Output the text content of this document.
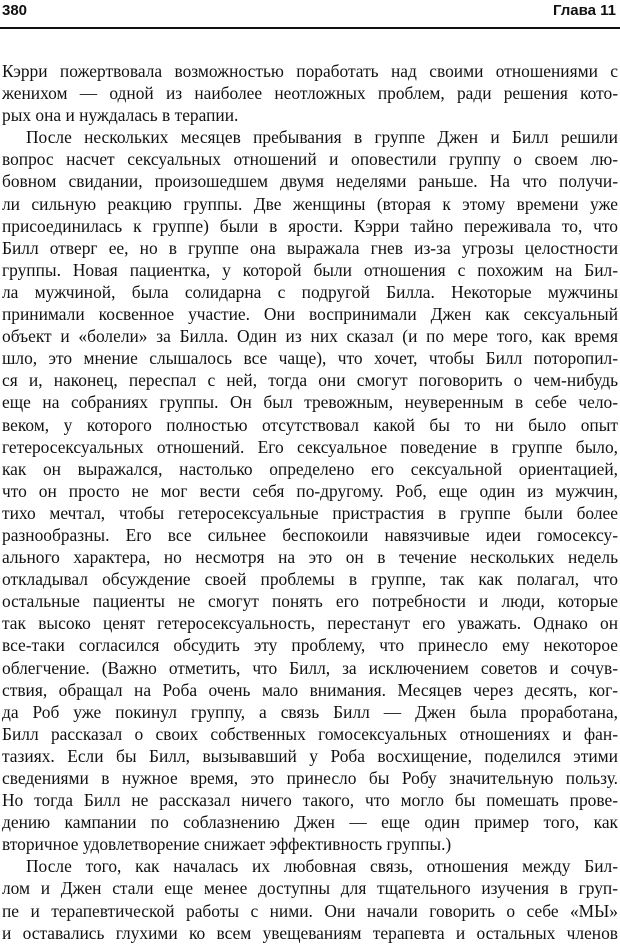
380	Глава 11
Кэрри пожертвовала возможностью поработать над своими отношениями с
женихом — одной из наиболее неотложных проблем, ради решения кото-
рых она и нуждалась в терапии.
После нескольких месяцев пребывания в группе Джен и Билл решили
вопрос насчет сексуальных отношений и оповестили группу о своем лю-
бовном свидании, произошедшем двумя неделями раньше. На что получи-
ли сильную реакцию группы. Две женщины (вторая к этому времени уже
присоединилась к группе) были в ярости. Кэрри тайно переживала то, что
Билл отверг ее, но в группе она выражала гнев из-за угрозы целостности
группы. Новая пациентка, у которой были отношения с похожим на Бил-
ла мужчиной, была солидарна с подругой Билла. Некоторые мужчины
принимали косвенное участие. Они воспринимали Джен как сексуальный
объект и «болели» за Билла. Один из них сказал (и по мере того, как время
шло, это мнение слышалось все чаще), что хочет, чтобы Билл поторопил-
ся и, наконец, переспал с ней, тогда они смогут поговорить о чем-нибудь
еще на собраниях группы. Он был тревожным, неуверенным в себе чело-
веком, у которого полностью отсутствовал какой бы то ни было опыт
гетеросексуальных отношений. Его сексуальное поведение в группе было,
как он выражался, настолько определено его сексуальной ориентацией,
что он просто не мог вести себя по-другому. Роб, еще один из мужчин,
тихо мечтал, чтобы гетеросексуальные пристрастия в группе были более
разнообразны. Его все сильнее беспокоили навязчивые идеи гомосексу-
ального характера, но несмотря на это он в течение нескольких недель
откладывал обсуждение своей проблемы в группе, так как полагал, что
остальные пациенты не смогут понять его потребности и люди, которые
так высоко ценят гетеросексуальность, перестанут его уважать. Однако он
все-таки согласился обсудить эту проблему, что принесло ему некоторое
облегчение. (Важно отметить, что Билл, за исключением советов и сочув-
ствия, обращал на Роба очень мало внимания. Месяцев через десять, ког-
да Роб уже покинул группу, а связь Билл — Джен была проработана,
Билл рассказал о своих собственных гомосексуальных отношениях и фан-
тазиях. Если бы Билл, вызывавший у Роба восхищение, поделился этими
сведениями в нужное время, это принесло бы Робу значительную пользу.
Но тогда Билл не рассказал ничего такого, что могло бы помешать прове-
дению кампании по соблазнению Джен — еще один пример того, как
вторичное удовлетворение снижает эффективность группы.)
После того, как началась их любовная связь, отношения между Бил-
лом и Джен стали еще менее доступны для тщательного изучения в груп-
пе и терапевтической работы с ними. Они начали говорить о себе «МЫ»
и оставались глухими ко всем увещеваниям терапевта и остальных членов
